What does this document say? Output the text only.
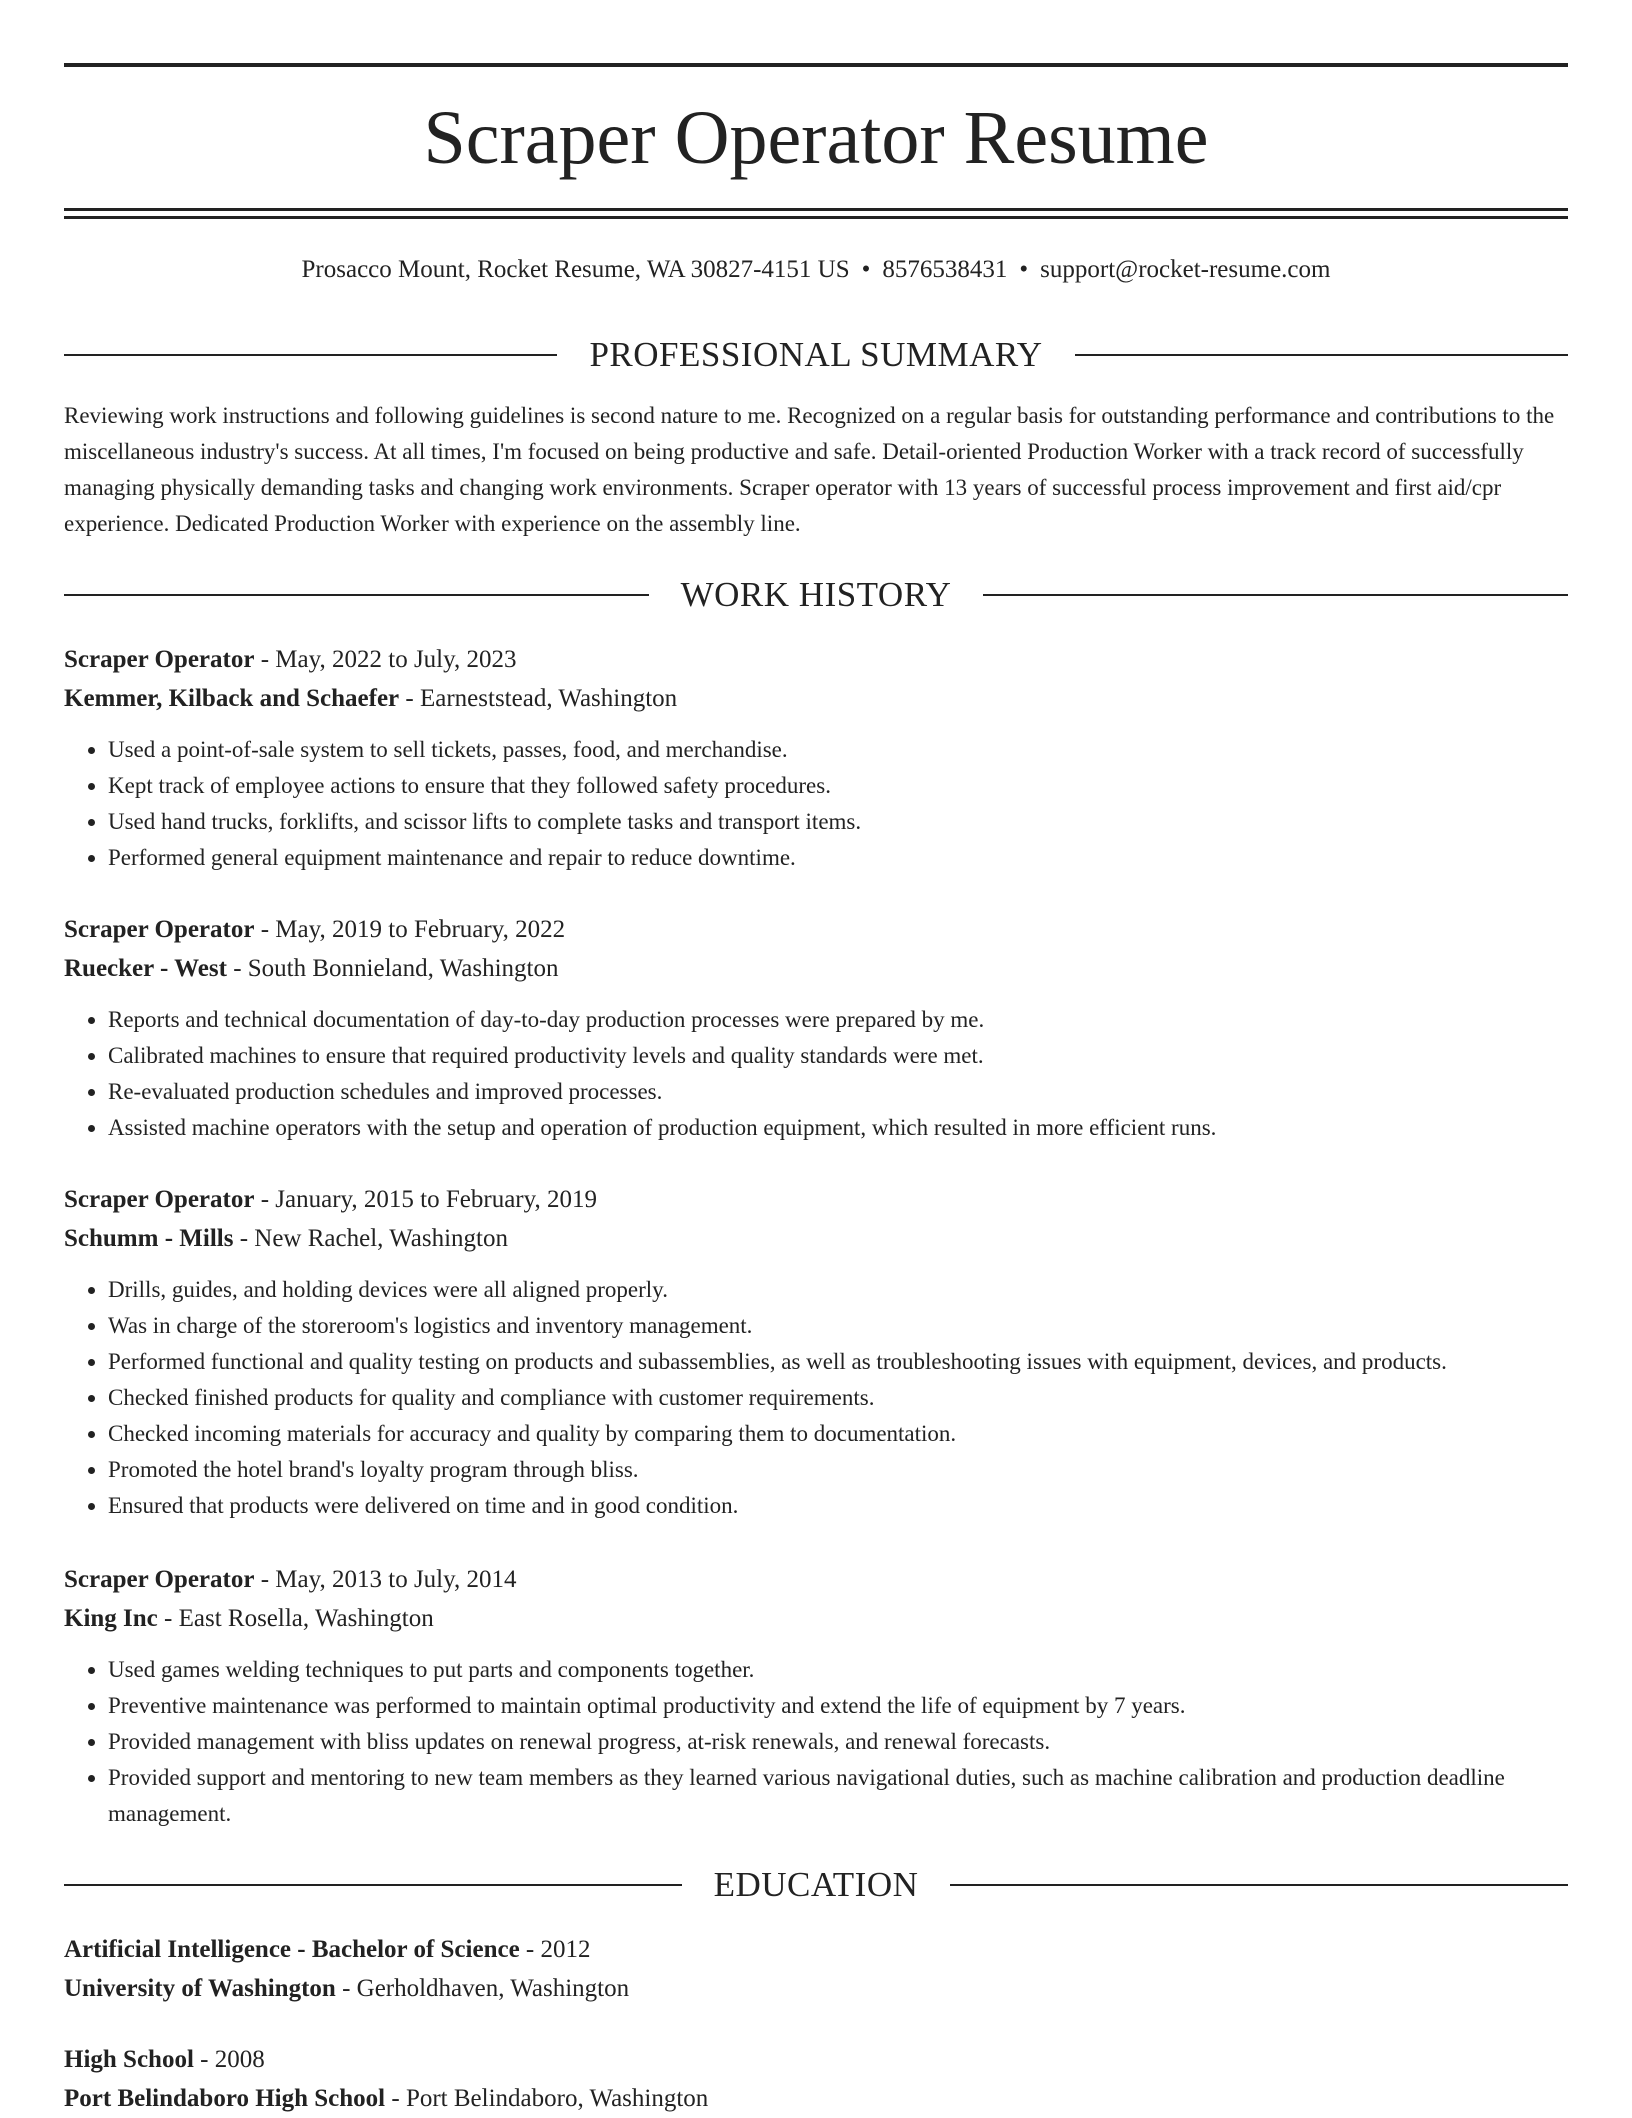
Scraper Operator Resume
Prosacco Mount, Rocket Resume, WA 30827-4151 US • 8576538431 • support@rocket-resume.com
PROFESSIONAL SUMMARY

Reviewing work instructions and following guidelines is second nature to me. Recognized on a regular basis for outstanding performance and contributions to the miscellaneous industry's success. At all times, I'm focused on being productive and safe. Detail-oriented Production Worker with a track record of successfully managing physically demanding tasks and changing work environments. Scraper operator with 13 years of successful process improvement and first aid/cpr experience. Dedicated Production Worker with experience on the assembly line.

WORK HISTORY

Scraper Operator - May, 2022 to July, 2023

Kemmer, Kilback and Schaefer - Earneststead, Washington

• Used a point-of-sale system to sell tickets, passes, food, and merchandise.
• Kept track of employee actions to ensure that they followed safety procedures.
• Used hand trucks, forklifts, and scissor lifts to complete tasks and transport items.
• Performed general equipment maintenance and repair to reduce downtime.

Scraper Operator - May, 2019 to February, 2022

Ruecker - West - South Bonnieland, Washington

• Reports and technical documentation of day-to-day production processes were prepared by me.
• Calibrated machines to ensure that required productivity levels and quality standards were met.
• Re-evaluated production schedules and improved processes.
• Assisted machine operators with the setup and operation of production equipment, which resulted in more efficient runs.

Scraper Operator - January, 2015 to February, 2019

Schumm - Mills - New Rachel, Washington

• Drills, guides, and holding devices were all aligned properly.
• Was in charge of the storeroom's logistics and inventory management.
• Performed functional and quality testing on products and subassemblies, as well as troubleshooting issues with equipment, devices, and products.
• Checked finished products for quality and compliance with customer requirements.
• Checked incoming materials for accuracy and quality by comparing them to documentation.
• Promoted the hotel brand's loyalty program through bliss.
• Ensured that products were delivered on time and in good condition.

Scraper Operator - May, 2013 to July, 2014

King Inc - East Rosella, Washington

• Used games welding techniques to put parts and components together.
• Preventive maintenance was performed to maintain optimal productivity and extend the life of equipment by 7 years.
• Provided management with bliss updates on renewal progress, at-risk renewals, and renewal forecasts.
• Provided support and mentoring to new team members as they learned various navigational duties, such as machine calibration and production deadline management.
EDUCATION

Artificial Intelligence - Bachelor of Science - 2012

University of Washington - Gerholdhaven, Washington

High School - 2008

Port Belindaboro High School - Port Belindaboro, Washington
